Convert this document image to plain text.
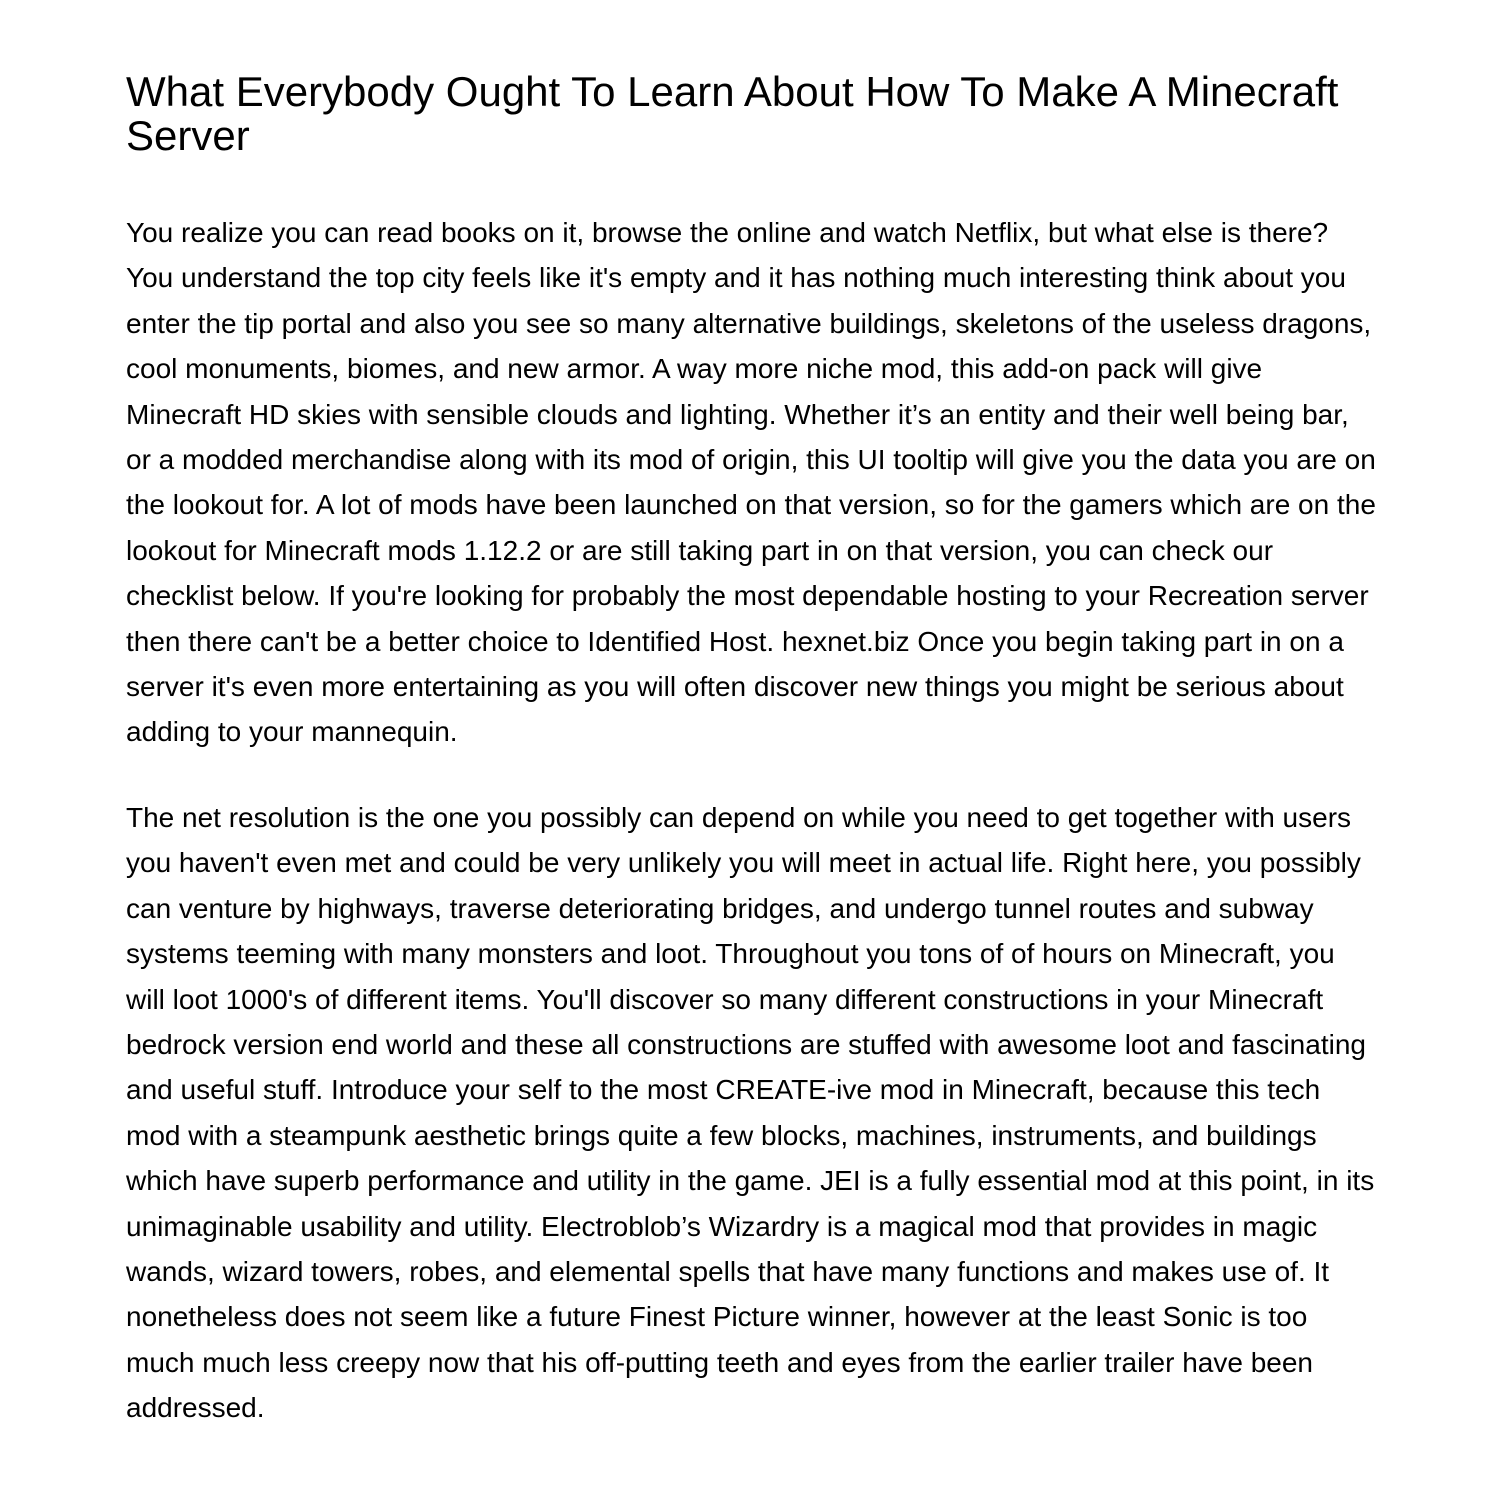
What Everybody Ought To Learn About How To Make A Minecraft Server

You realize you can read books on it, browse the online and watch Netflix, but what else is there? You understand the top city feels like it's empty and it has nothing much interesting think about you enter the tip portal and also you see so many alternative buildings, skeletons of the useless dragons, cool monuments, biomes, and new armor. A way more niche mod, this add-on pack will give Minecraft HD skies with sensible clouds and lighting. Whether it’s an entity and their well being bar, or a modded merchandise along with its mod of origin, this UI tooltip will give you the data you are on the lookout for. A lot of mods have been launched on that version, so for the gamers which are on the lookout for Minecraft mods 1.12.2 or are still taking part in on that version, you can check our checklist below. If you're looking for probably the most dependable hosting to your Recreation server then there can't be a better choice to Identified Host. hexnet.biz Once you begin taking part in on a server it's even more entertaining as you will often discover new things you might be serious about adding to your mannequin.

The net resolution is the one you possibly can depend on while you need to get together with users you haven't even met and could be very unlikely you will meet in actual life. Right here, you possibly can venture by highways, traverse deteriorating bridges, and undergo tunnel routes and subway systems teeming with many monsters and loot. Throughout you tons of of hours on Minecraft, you will loot 1000's of different items. You'll discover so many different constructions in your Minecraft bedrock version end world and these all constructions are stuffed with awesome loot and fascinating and useful stuff. Introduce your self to the most CREATE-ive mod in Minecraft, because this tech mod with a steampunk aesthetic brings quite a few blocks, machines, instruments, and buildings which have superb performance and utility in the game. JEI is a fully essential mod at this point, in its unimaginable usability and utility. Electroblob’s Wizardry is a magical mod that provides in magic wands, wizard towers, robes, and elemental spells that have many functions and makes use of. It nonetheless does not seem like a future Finest Picture winner, however at the least Sonic is too much much less creepy now that his off-putting teeth and eyes from the earlier trailer have been addressed.
